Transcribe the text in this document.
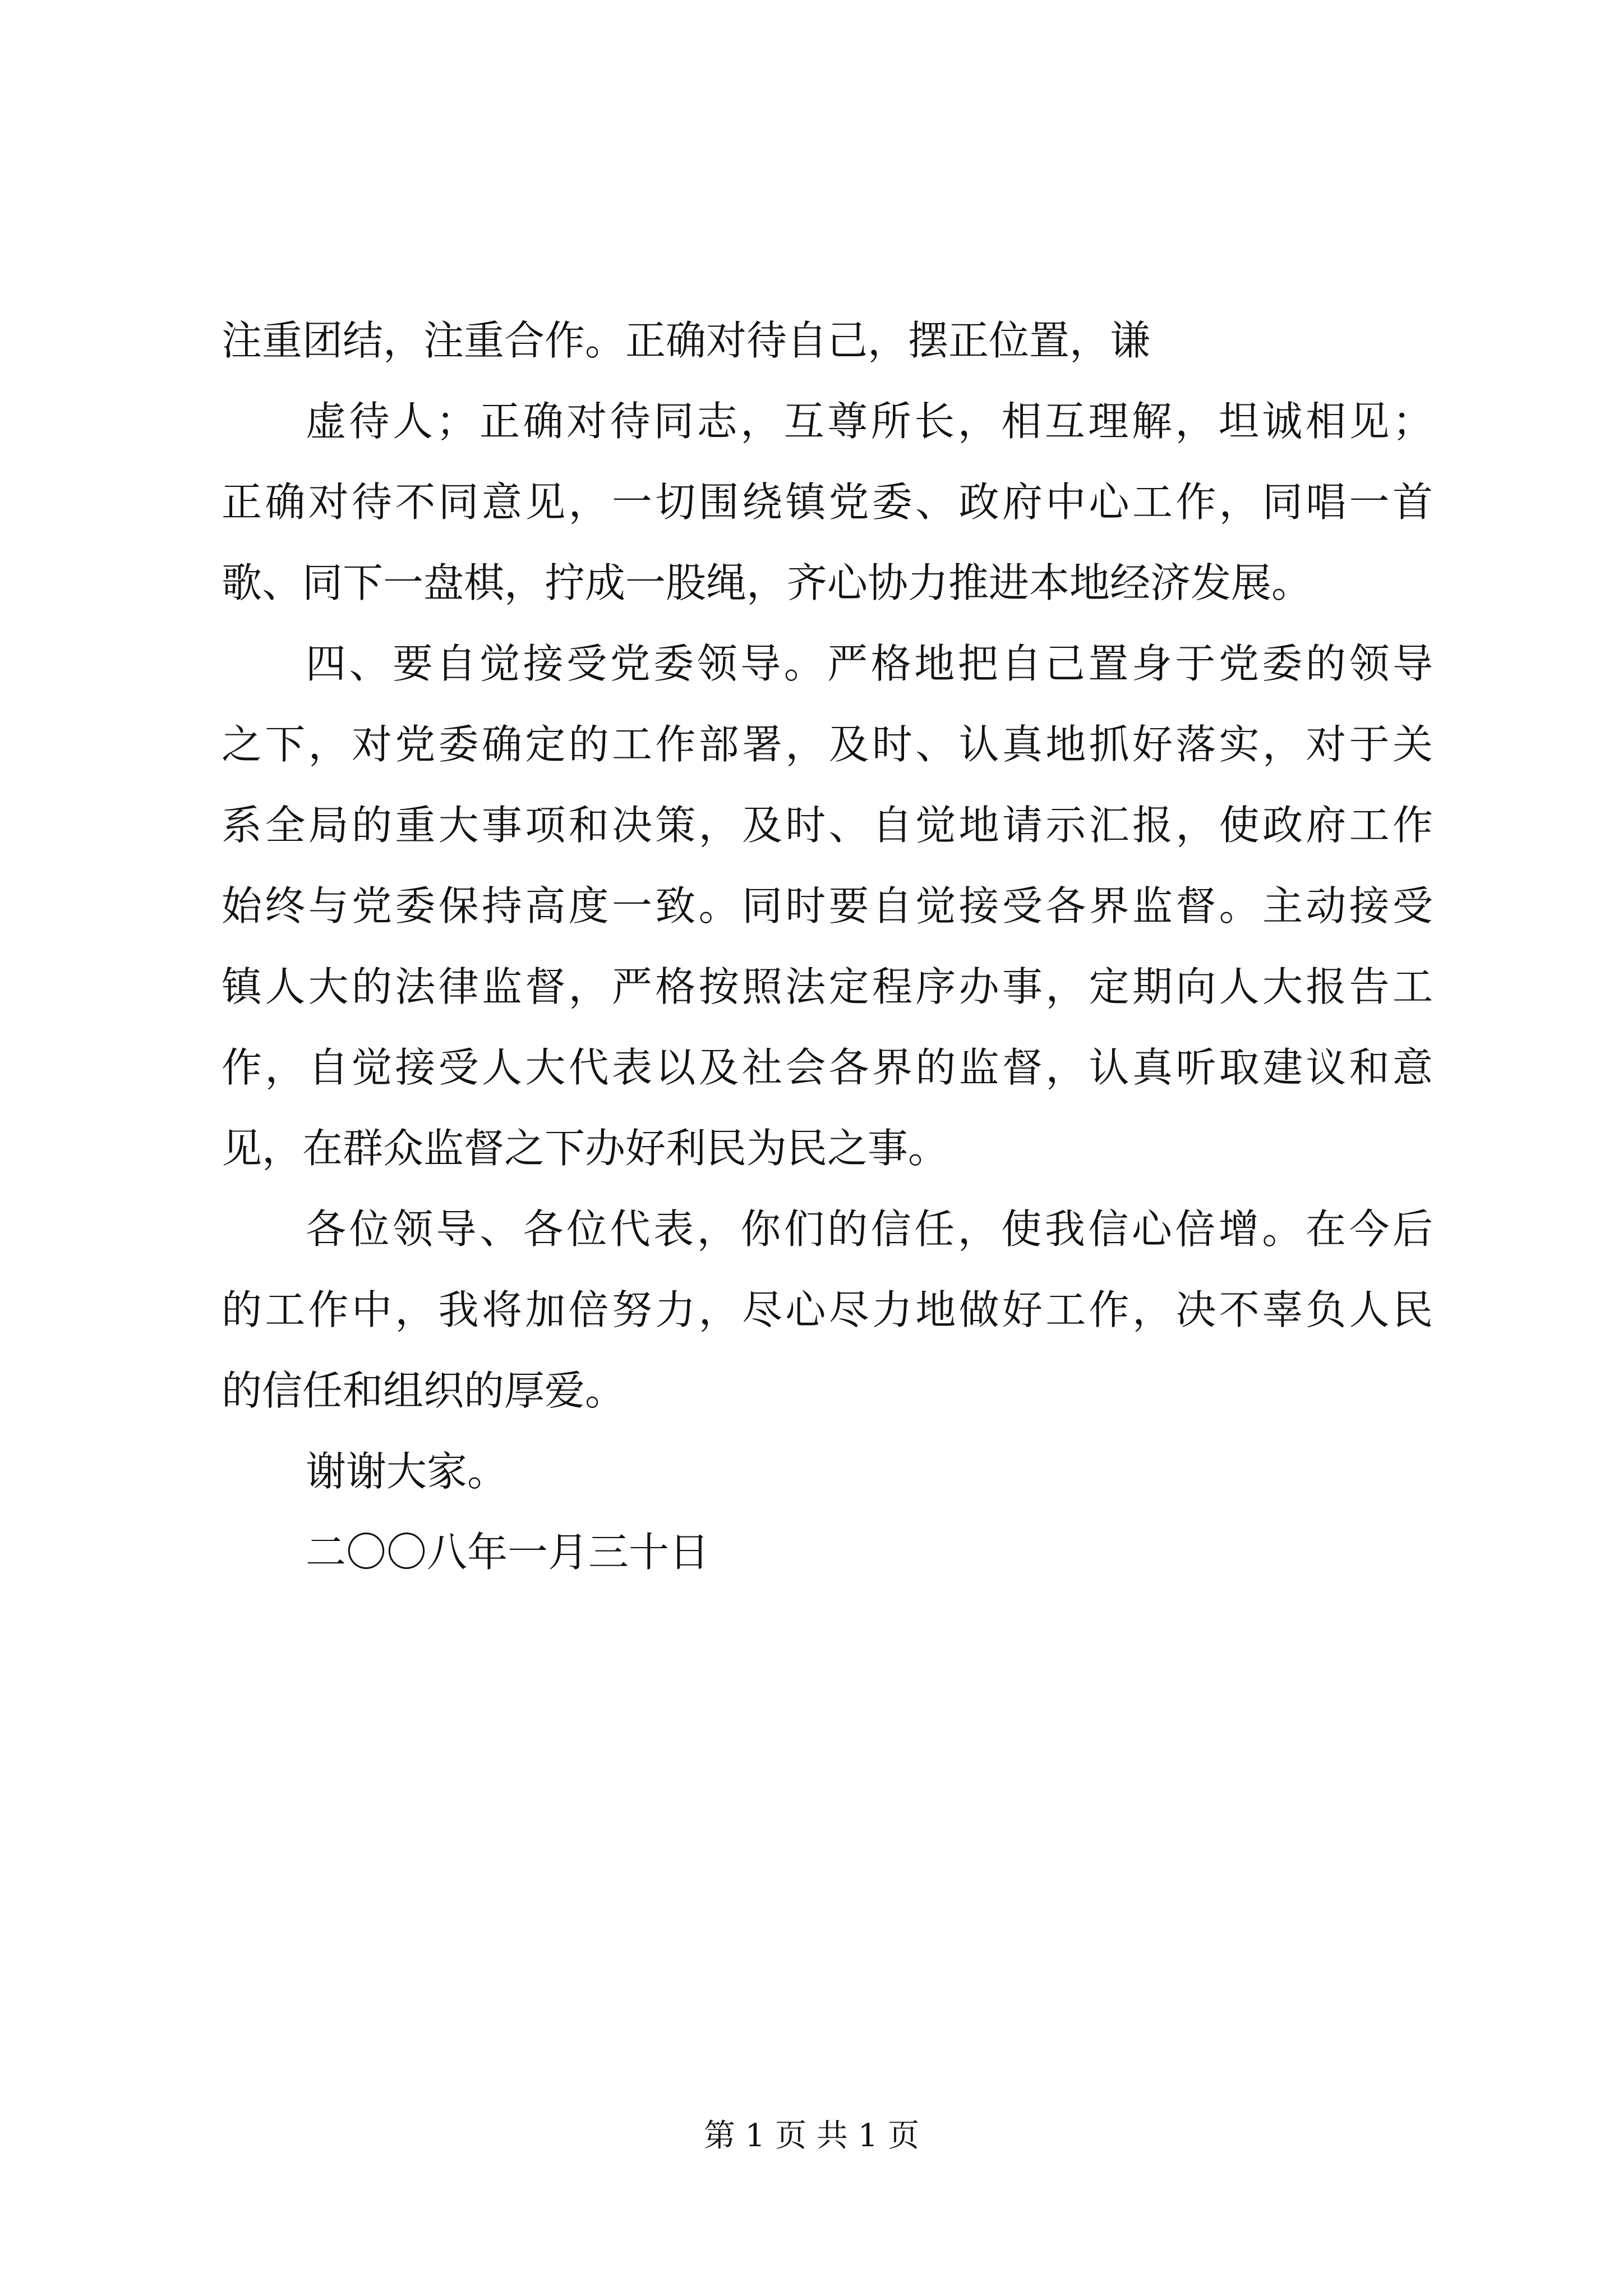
注重团结，注重合作。正确对待自己，摆正位置，谦
虚待人；正确对待同志，互尊所长，相互理解，坦诚相见；
正确对待不同意见，一切围绕镇党委、政府中心工作，同唱一首
歌、同下一盘棋，拧成一股绳，齐心协力推进本地经济发展。
四、要自觉接受党委领导。严格地把自己置身于党委的领导
之下，对党委确定的工作部署，及时、认真地抓好落实，对于关
系全局的重大事项和决策，及时、自觉地请示汇报，使政府工作
始终与党委保持高度一致。同时要自觉接受各界监督。主动接受
镇人大的法律监督，严格按照法定程序办事，定期向人大报告工
作，自觉接受人大代表以及社会各界的监督，认真听取建议和意
见，在群众监督之下办好利民为民之事。
各位领导、各位代表，你们的信任，使我信心倍增。在今后
的工作中，我将加倍努力，尽心尽力地做好工作，决不辜负人民
的信任和组织的厚爱。
谢谢大家。
二〇〇八年一月三十日
第 1 页 共 1 页
